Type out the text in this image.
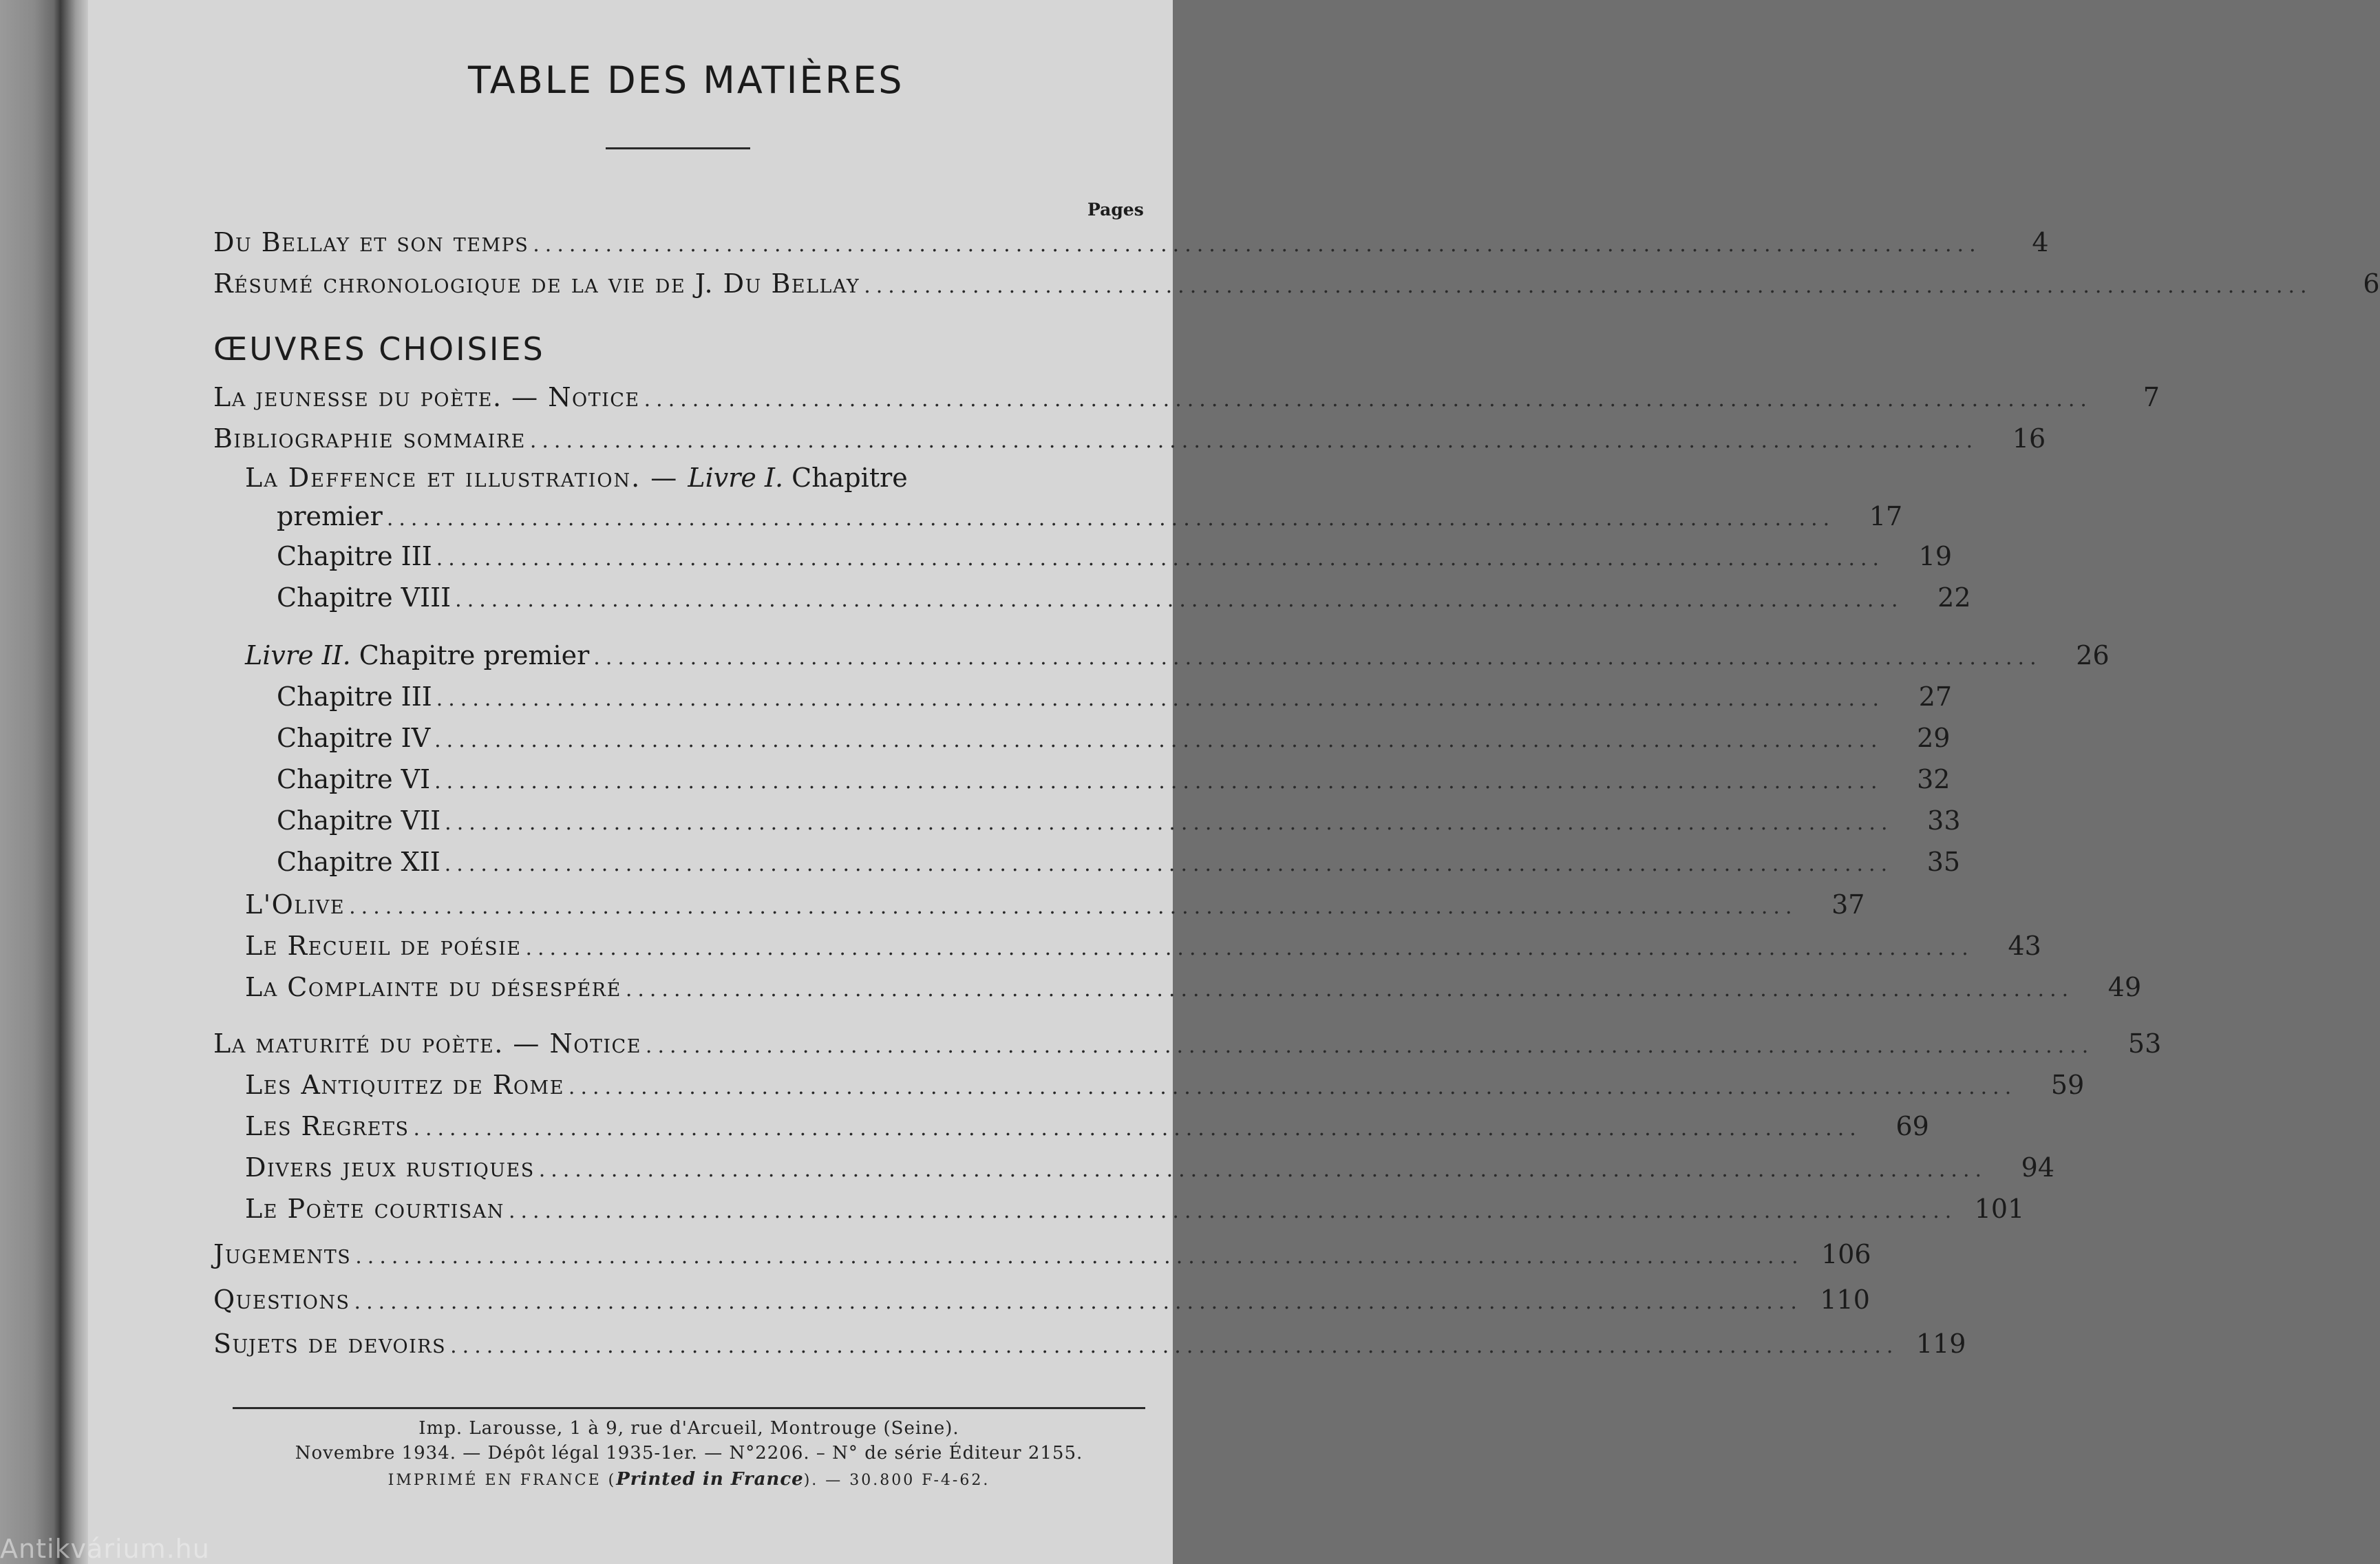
Antikvárium.hu
TABLE DES MATIÈRES
Pages
Du Bellay et son temps ........................................................................................................................	4
Résumé chronologique de la vie de J. Du Bellay ........................................................................................................................	6
ŒUVRES CHOISIES
La jeunesse du poète. — Notice ........................................................................................................................	7
Bibliographie sommaire ........................................................................................................................	16
La Deffence et illustration. — Livre I. Chapitre
premier ........................................................................................................................	17
Chapitre III ........................................................................................................................	19
Chapitre VIII ........................................................................................................................	22
Livre II. Chapitre premier ........................................................................................................................	26
Chapitre III ........................................................................................................................	27
Chapitre IV ........................................................................................................................	29
Chapitre VI ........................................................................................................................	32
Chapitre VII ........................................................................................................................	33
Chapitre XII ........................................................................................................................	35
L'Olive ........................................................................................................................	37
Le Recueil de poésie ........................................................................................................................	43
La Complainte du désespéré ........................................................................................................................	49
La maturité du poète. — Notice ........................................................................................................................	53
Les Antiquitez de Rome ........................................................................................................................	59
Les Regrets ........................................................................................................................	69
Divers jeux rustiques ........................................................................................................................	94
Le Poète courtisan ........................................................................................................................ 101
Jugements ........................................................................................................................ 106
Questions ........................................................................................................................ 110
Sujets de devoirs ........................................................................................................................ 119
Imp. Larousse, 1 à 9, rue d'Arcueil, Montrouge (Seine).
Novembre 1934. — Dépôt légal 1935-1er. — N°2206. – N° de série Éditeur 2155.
IMPRIMÉ EN FRANCE (Printed in France). — 30.800 F-4-62.
